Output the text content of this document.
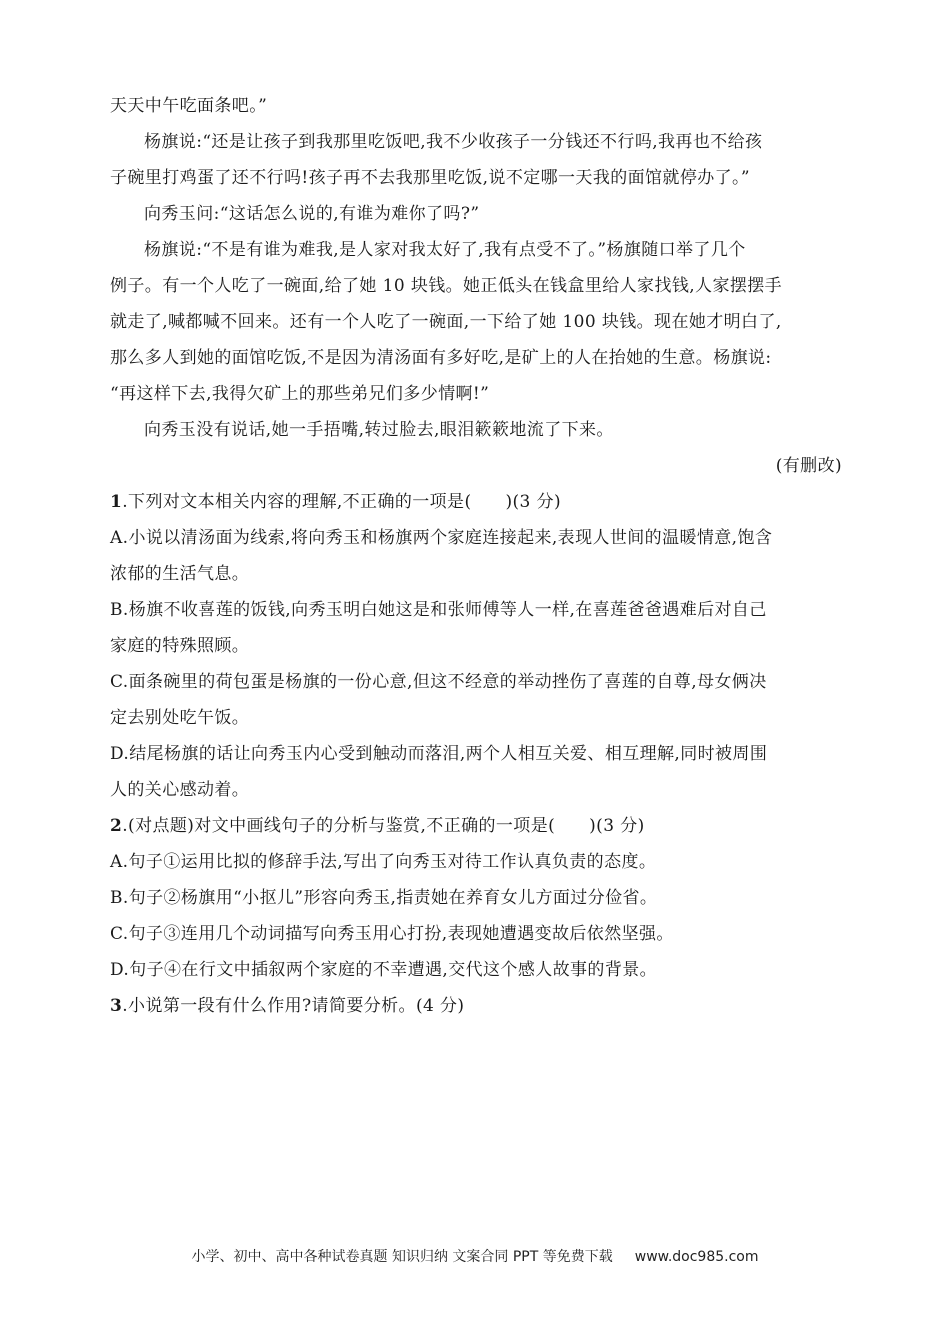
天天中午吃面条吧。”
杨旗说:“还是让孩子到我那里吃饭吧,我不少收孩子一分钱还不行吗,我再也不给孩
子碗里打鸡蛋了还不行吗!孩子再不去我那里吃饭,说不定哪一天我的面馆就停办了。”
向秀玉问:“这话怎么说的,有谁为难你了吗?”
杨旗说:“不是有谁为难我,是人家对我太好了,我有点受不了。”杨旗随口举了几个
例子。有一个人吃了一碗面,给了她 10 块钱。她正低头在钱盒里给人家找钱,人家摆摆手
就走了,喊都喊不回来。还有一个人吃了一碗面,一下给了她 100 块钱。现在她才明白了,
那么多人到她的面馆吃饭,不是因为清汤面有多好吃,是矿上的人在抬她的生意。杨旗说:
“再这样下去,我得欠矿上的那些弟兄们多少情啊!”
向秀玉没有说话,她一手捂嘴,转过脸去,眼泪簌簌地流了下来。
(有删改)
1.下列对文本相关内容的理解,不正确的一项是( )(3 分)
A.小说以清汤面为线索,将向秀玉和杨旗两个家庭连接起来,表现人世间的温暖情意,饱含
浓郁的生活气息。
B.杨旗不收喜莲的饭钱,向秀玉明白她这是和张师傅等人一样,在喜莲爸爸遇难后对自己
家庭的特殊照顾。
C.面条碗里的荷包蛋是杨旗的一份心意,但这不经意的举动挫伤了喜莲的自尊,母女俩决
定去别处吃午饭。
D.结尾杨旗的话让向秀玉内心受到触动而落泪,两个人相互关爱、相互理解,同时被周围
人的关心感动着。
2.(对点题)对文中画线句子的分析与鉴赏,不正确的一项是( )(3 分)
A.句子①运用比拟的修辞手法,写出了向秀玉对待工作认真负责的态度。
B.句子②杨旗用“小抠儿”形容向秀玉,指责她在养育女儿方面过分俭省。
C.句子③连用几个动词描写向秀玉用心打扮,表现她遭遇变故后依然坚强。
D.句子④在行文中插叙两个家庭的不幸遭遇,交代这个感人故事的背景。
3.小说第一段有什么作用?请简要分析。(4 分)
小学、初中、高中各种试卷真题 知识归纳 文案合同 PPT 等免费下载 www.doc985.com
